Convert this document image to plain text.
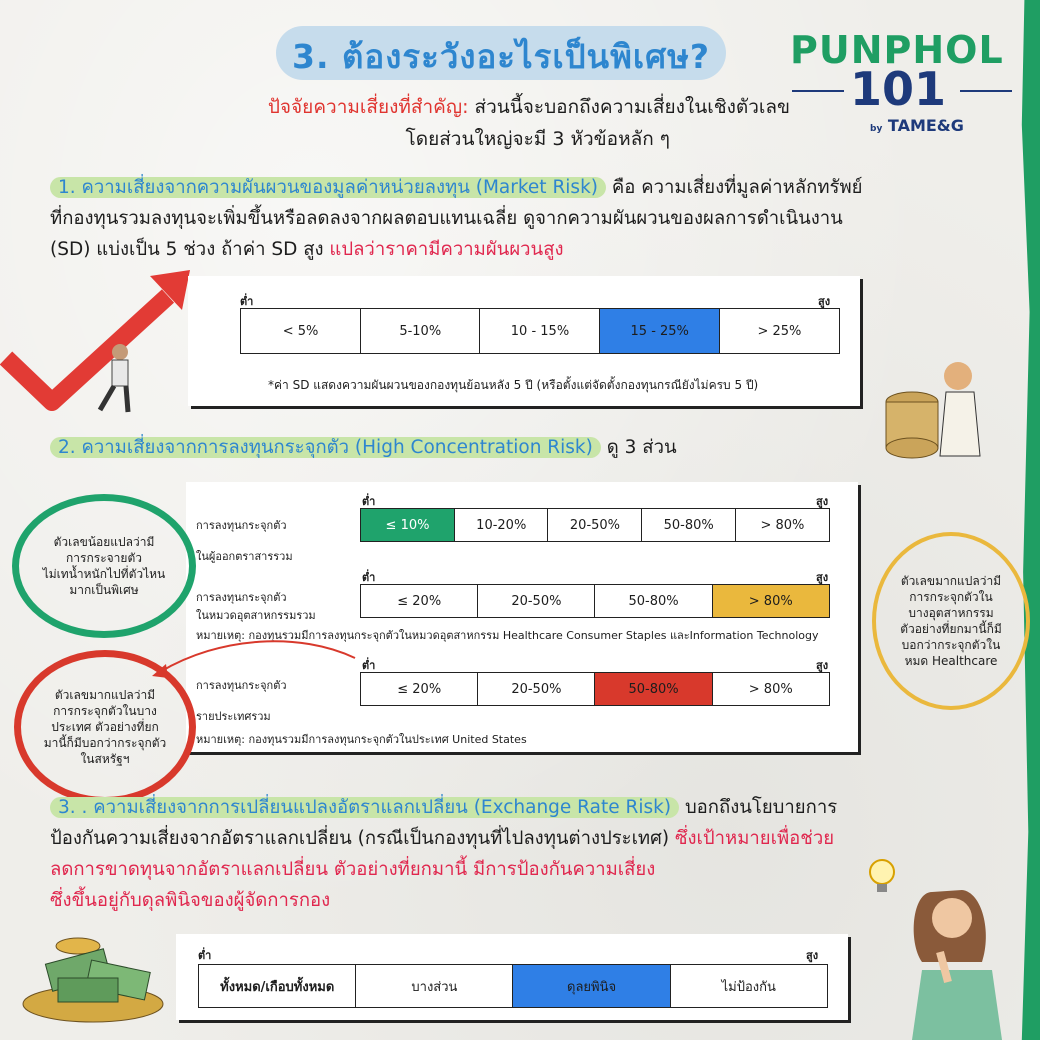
3. ต้องระวังอะไรเป็นพิเศษ?
ปัจจัยความเสี่ยงที่สำคัญ: ส่วนนี้จะบอกถึงความเสี่ยงในเชิงตัวเลข
โดยส่วนใหญ่จะมี 3 หัวข้อหลัก ๆ
PUNPHOL
101
by TAME&G
1. ความเสี่ยงจากความผันผวนของมูลค่าหน่วยลงทุน (Market Risk) คือ ความเสี่ยงที่มูลค่าหลักทรัพย์
ที่กองทุนรวมลงทุนจะเพิ่มขึ้นหรือลดลงจากผลตอบแทนเฉลี่ย ดูจากความผันผวนของผลการดำเนินงาน
(SD) แบ่งเป็น 5 ช่วง ถ้าค่า SD สูง แปลว่าราคามีความผันผวนสูง
ต่ำ	สูง
< 5%	5-10%	10 - 15%	15 - 25%	> 25%
*ค่า SD แสดงความผันผวนของกองทุนย้อนหลัง 5 ปี (หรือตั้งแต่จัดตั้งกองทุนกรณียังไม่ครบ 5 ปี)
2. ความเสี่ยงจากการลงทุนกระจุกตัว (High Concentration Risk) ดู 3 ส่วน
ต่ำ	สูง
การลงทุนกระจุกตัว

ในผู้ออกตราสารรวม
≤ 10%	10-20%	20-50%	50-80%	> 80%
ต่ำ	สูง
การลงทุนกระจุกตัว
ในหมวดอุตสาหกรรมรวม
≤ 20%	20-50%	50-80%	> 80%
หมายเหตุ: กองทุนรวมมีการลงทุนกระจุกตัวในหมวดอุตสาหกรรม Healthcare Consumer Staples และInformation Technology
ต่ำ	สูง
การลงทุนกระจุกตัว

รายประเทศรวม
≤ 20%	20-50%	50-80%	> 80%
หมายเหตุ: กองทุนรวมมีการลงทุนกระจุกตัวในประเทศ United States
ตัวเลขน้อยแปลว่ามี
การกระจายตัว
ไม่เทน้ำหนักไปที่ตัวไหน
มากเป็นพิเศษ
ตัวเลขมากแปลว่ามี
การกระจุกตัวในบาง
ประเทศ ตัวอย่างที่ยก
มานี้ก็มีบอกว่ากระจุกตัว
ในสหรัฐฯ
ตัวเลขมากแปลว่ามี
การกระจุกตัวใน
บางอุตสาหกรรม
ตัวอย่างที่ยกมานี้ก็มี
บอกว่ากระจุกตัวใน
หมด Healthcare
3. . ความเสี่ยงจากการเปลี่ยนแปลงอัตราแลกเปลี่ยน (Exchange Rate Risk) บอกถึงนโยบายการ
ป้องกันความเสี่ยงจากอัตราแลกเปลี่ยน (กรณีเป็นกองทุนที่ไปลงทุนต่างประเทศ) ซึ่งเป้าหมายเพื่อช่วย
ลดการขาดทุนจากอัตราแลกเปลี่ยน ตัวอย่างที่ยกมานี้ มีการป้องกันความเสี่ยง
ซึ่งขึ้นอยู่กับดุลพินิจของผู้จัดการกอง
ต่ำ	สูง
ทั้งหมด/เกือบทั้งหมด	บางส่วน	ดุลยพินิจ	ไม่ป้องกัน
